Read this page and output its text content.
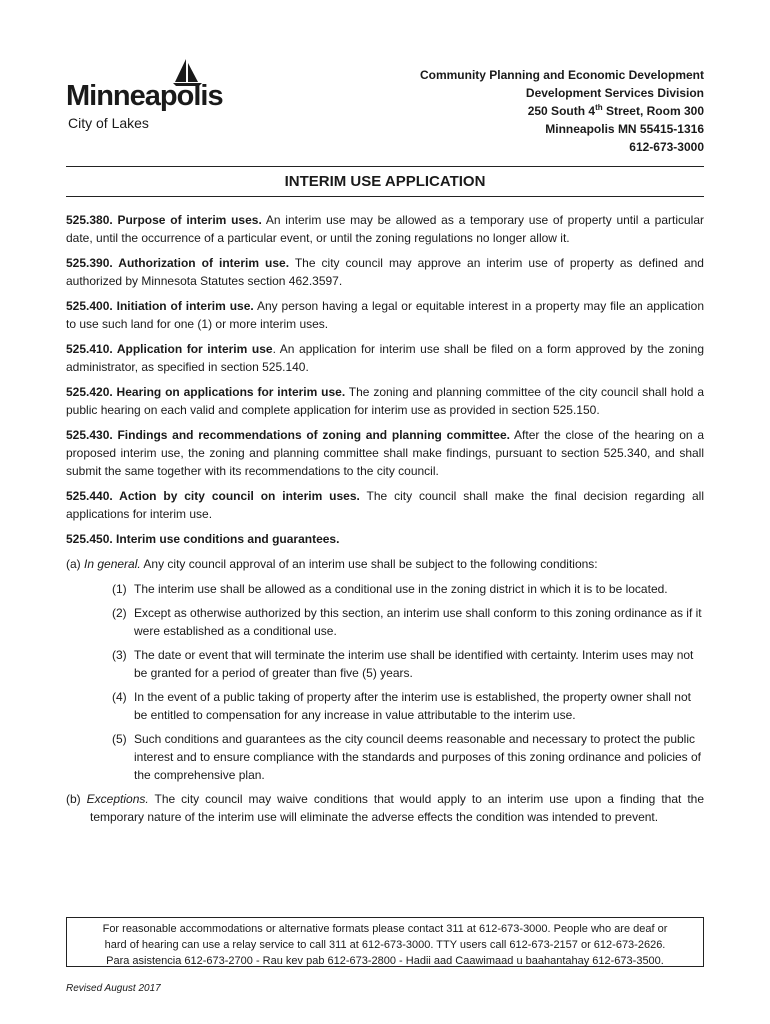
Minneapolis
City of Lakes
Community Planning and Economic Development
Development Services Division
250 South 4th Street, Room 300
Minneapolis MN 55415-1316
612-673-3000
INTERIM USE APPLICATION

525.380. Purpose of interim uses. An interim use may be allowed as a temporary use of property until a particular date, until the occurrence of a particular event, or until the zoning regulations no longer allow it.

525.390. Authorization of interim use. The city council may approve an interim use of property as defined and authorized by Minnesota Statutes section 462.3597.

525.400. Initiation of interim use. Any person having a legal or equitable interest in a property may file an application to use such land for one (1) or more interim uses.

525.410. Application for interim use. An application for interim use shall be filed on a form approved by the zoning administrator, as specified in section 525.140.

525.420. Hearing on applications for interim use. The zoning and planning committee of the city council shall hold a public hearing on each valid and complete application for interim use as provided in section 525.150.

525.430. Findings and recommendations of zoning and planning committee. After the close of the hearing on a proposed interim use, the zoning and planning committee shall make findings, pursuant to section 525.340, and shall submit the same together with its recommendations to the city council.

525.440. Action by city council on interim uses. The city council shall make the final decision regarding all applications for interim use.

525.450. Interim use conditions and guarantees.

(a) In general. Any city council approval of an interim use shall be subject to the following conditions:

(1) The interim use shall be allowed as a conditional use in the zoning district in which it is to be located.
(2) Except as otherwise authorized by this section, an interim use shall conform to this zoning ordinance as if it were established as a conditional use.
(3) The date or event that will terminate the interim use shall be identified with certainty. Interim uses may not be granted for a period of greater than five (5) years.
(4) In the event of a public taking of property after the interim use is established, the property owner shall not be entitled to compensation for any increase in value attributable to the interim use.
(5) Such conditions and guarantees as the city council deems reasonable and necessary to protect the public interest and to ensure compliance with the standards and purposes of this zoning ordinance and policies of the comprehensive plan.

(b) Exceptions. The city council may waive conditions that would apply to an interim use upon a finding that the temporary nature of the interim use will eliminate the adverse effects the condition was intended to prevent.

For reasonable accommodations or alternative formats please contact 311 at 612-673-3000. People who are deaf or
hard of hearing can use a relay service to call 311 at 612-673-3000. TTY users call 612-673-2157 or 612-673-2626.
Para asistencia 612-673-2700 - Rau kev pab 612-673-2800 - Hadii aad Caawimaad u baahantahay 612-673-3500.
Revised August 2017
